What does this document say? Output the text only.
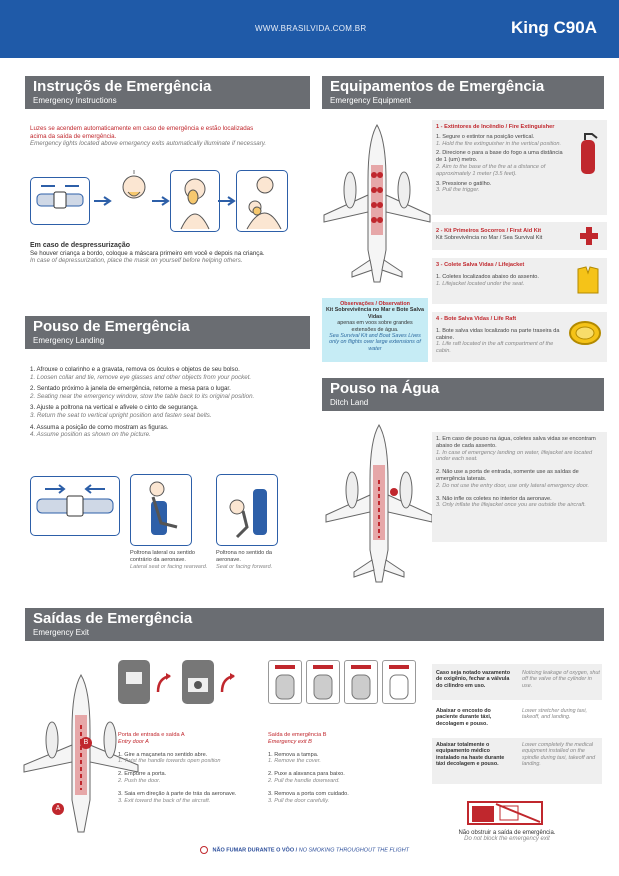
WWW.BRASILVIDA.COM.BR	King C90A
Instruçõs de Emergência
Emergency Instructions
Luzes se acendem automaticamente em caso de emergência e estão localizadas acima da saída de emergência.
Emergency lights located above emergency exits automatically illuminate if necessary.
Em caso de despressurização
Se houver criança a bordo, coloque a máscara primeiro em você e depois na criança.
In case of depressurization, place the mask on yourself before helping others.
Equipamentos de Emergência
Emergency Equipment
1 - Extintores de Incêndio / Fire Extinguisher
1. Segure o extintor na posição vertical.
1. Hold the fire extinguisher in the vertical position.
2. Direcione o para a base do fogo a uma distância de 1 (um) metro.
2. Aim to the base of the fire at a distance of approximately 1 meter (3.5 feet).
3. Pressione o gatilho.
3. Pull the trigger.
2 - Kit Primeiros Socorros / First Aid Kit
Kit Sobrevivência no Mar / Sea Survival Kit
3 - Colete Salva Vidas / Lifejacket
1. Coletes localizados abaixo do assento.
1. Lifejacket located under the seat.
4 - Bote Salva Vidas / Life Raft
1. Bote salva vidas localizado na parte traseira da cabine.
1. Life raft located in the aft compartment of the cabin.
Observações / Observation
Kit Sobrevivência no Mar e Bote Salva Vidas
apenas em voos sobre grandes extensões de água.
Sea Survival Kit and Boat Saves Lives only on flights over large extensions of water
Pouso de Emergência
Emergency Landing
1. Afrouxe o colarinho e a gravata, remova os óculos e objetos de seu bolso.
1. Loosen collar and tie, remove eye glasses and other objects from your pocket.
2. Sentado próximo à janela de emergência, retorne a mesa para o lugar.
2. Seating near the emergency window, stow the table back to its original position.
3. Ajuste a poltrona na vertical e afivele o cinto de segurança.
3. Return the seat to vertical upright position and fasten seat belts.
4. Assuma a posição de como mostram as figuras.
4. Assume position as shown on the picture.
Poltrona lateral ou sentido contrário da aeronave.
Lateral seat or facing rearward.
Poltrona no sentido da aeronave.
Seat or facing forward.
Pouso na Água
Ditch Land
1. Em caso de pouso na água, coletes salva vidas se encontram abaixo de cada assento.
1. In case of emergency landing on water, lifejacket are located under each seat.
2. Não use a porta de entrada, somente use as saídas de emergência laterais.
2. Do not use the entry door, use only lateral emergency door.
3. Não infle os coletes no interior da aeronave.
3. Only inflate the lifejacket once you are outside the aircraft.
Saídas de Emergência
Emergency Exit
B
A
Porta de entrada e saída A
Entry door A
1. Gire a maçaneta no sentido abre.
1. Twist the handle towards open position
2. Empurre a porta.
2. Push the door.
3. Saia em direção à parte de trás da aeronave.
3. Exit toward the back of the aircraft.
Saída de emergência B
Emergency exit B
1. Remova a tampa.
1. Remove the cover.
2. Puxe a alavanca para baixo.
2. Pull the handle downward.
3. Remova a porta com cuidado.
3. Pull the door carefully.
Caso seja notado vazamento de oxigênio, fechar a válvula do cilindro em uso.
Noticing leakage of oxygen, shut off the valve of the cylinder in use.
Abaixar o encosto do paciente durante táxi, decolagem e pouso.
Lower stretcher during taxi, takeoff, and landing.
Abaixar totalmente o equipamento médico instalado na haste durante táxi decolagem e pouso.
Lower completely the medical equipment installed on the spindle during taxi, takeoff and landing.
Não obstruir a saída de emergência.
Do not block the emergency exit
NÃO FUMAR DURANTE O VÔO / NO SMOKING THROUGHOUT THE FLIGHT
